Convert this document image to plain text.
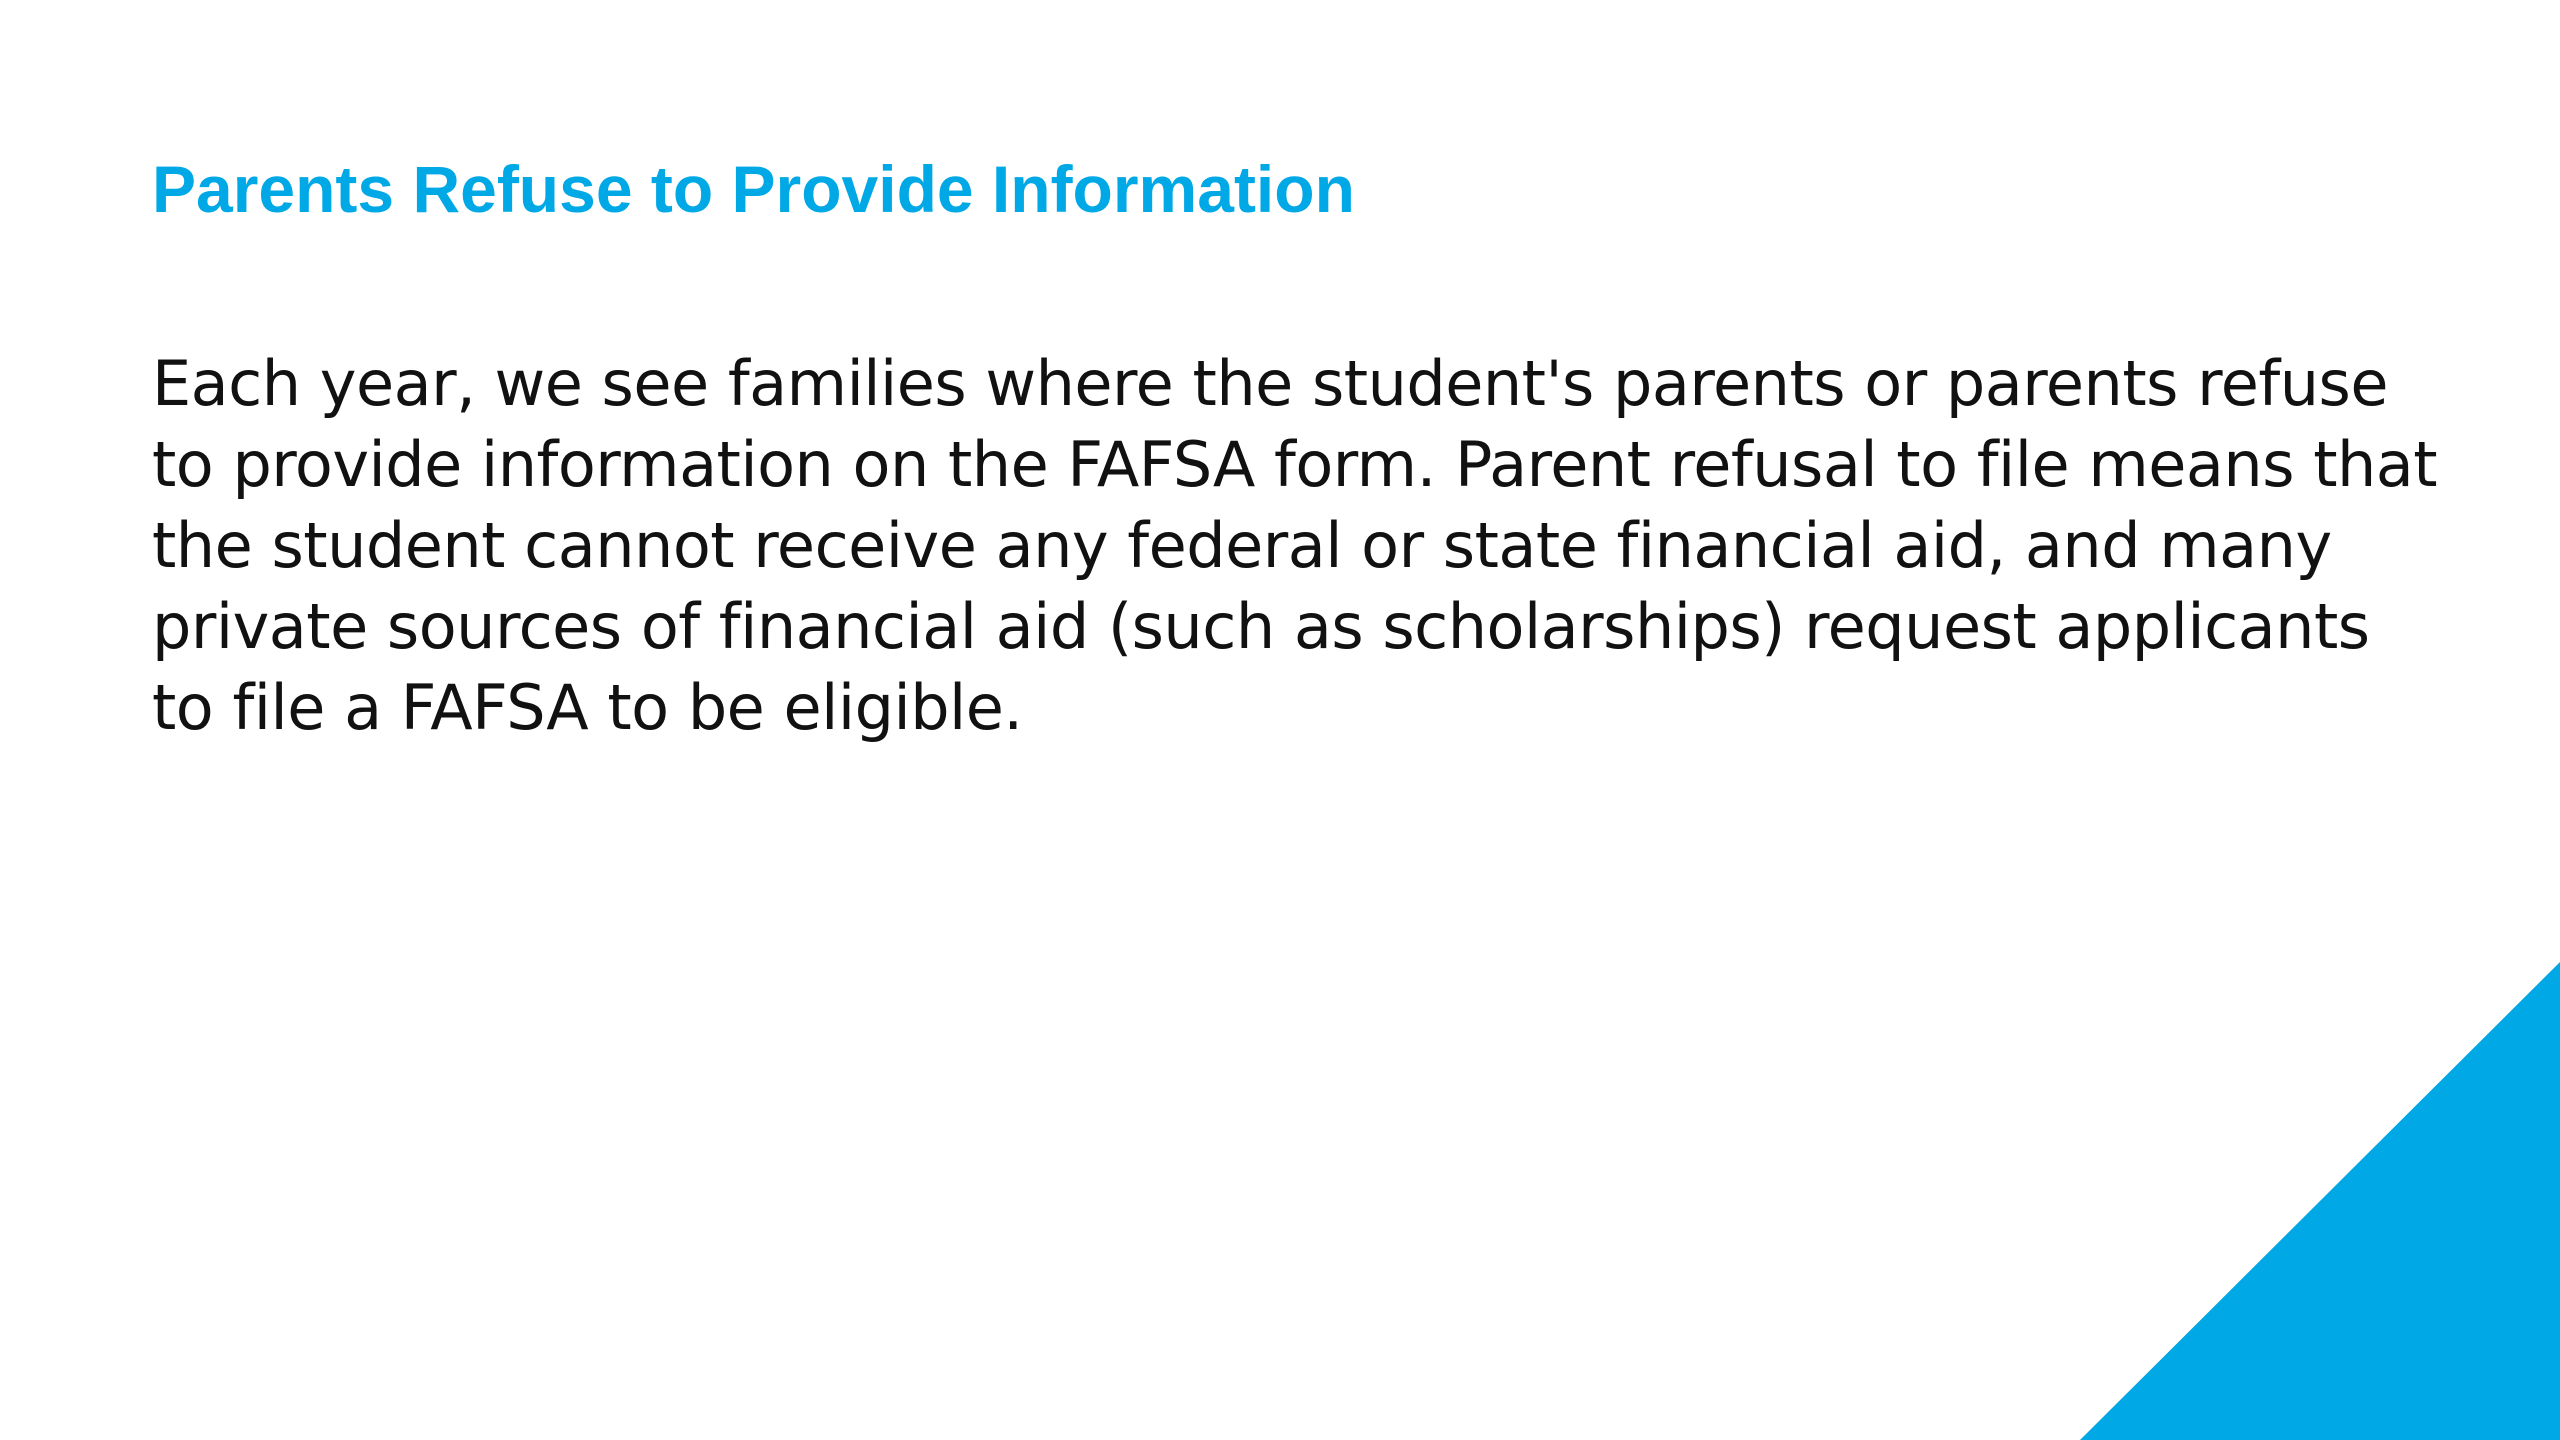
Parents Refuse to Provide Information

Each year, we see families where the student's parents or parents refuse to provide information on the FAFSA form. Parent refusal to file means that the student cannot receive any federal or state financial aid, and many private sources of financial aid (such as scholarships) request applicants to file a FAFSA to be eligible.
